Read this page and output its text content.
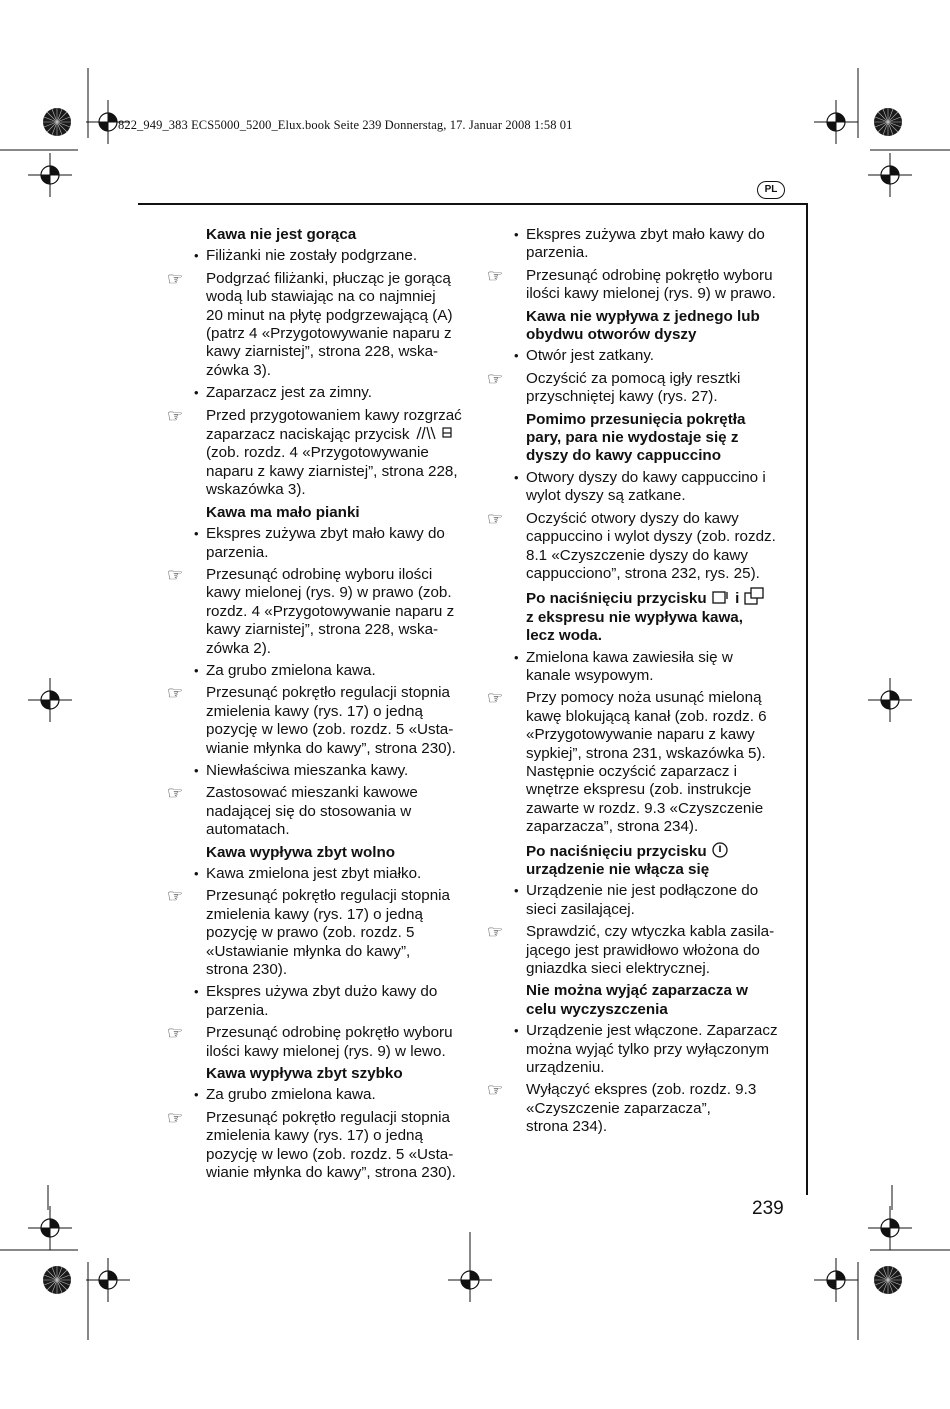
822_949_383 ECS5000_5200_Elux.book Seite 239 Donnerstag, 17. Januar 2008 1:58 01
PL
Kawa nie jest gorąca
Filiżanki nie zostały podgrzane.
☞	Podgrzać filiżanki, płucząc je gorącą
wodą lub stawiając na co najmniej
20 minut na płytę podgrzewającą (A)
(patrz 4 «Przygotowywanie naparu z
kawy ziarnistej”, strona 228, wska-
zówka 3).
Zaparzacz jest za zimny.
☞	Przed przygotowaniem kawy rozgrzać
zaparzacz naciskając przycisk
(zob. rozdz. 4 «Przygotowywanie
naparu z kawy ziarnistej”, strona 228,
wskazówka 3).
Kawa ma mało pianki
Ekspres zużywa zbyt mało kawy do
parzenia.
☞	Przesunąć odrobinę wyboru ilości
kawy mielonej (rys. 9) w prawo (zob.
rozdz. 4 «Przygotowywanie naparu z
kawy ziarnistej”, strona 228, wska-
zówka 2).
Za grubo zmielona kawa.
☞	Przesunąć pokrętło regulacji stopnia
zmielenia kawy (rys. 17) o jedną
pozycję w lewo (zob. rozdz. 5 «Usta-
wianie młynka do kawy”, strona 230).
Niewłaściwa mieszanka kawy.
☞	Zastosować mieszanki kawowe
nadającej się do stosowania w
automatach.
Kawa wypływa zbyt wolno
Kawa zmielona jest zbyt miałko.
☞	Przesunąć pokrętło regulacji stopnia
zmielenia kawy (rys. 17) o jedną
pozycję w prawo (zob. rozdz. 5
«Ustawianie młynka do kawy”,
strona 230).
Ekspres używa zbyt dużo kawy do
parzenia.
☞	Przesunąć odrobinę pokrętło wyboru
ilości kawy mielonej (rys. 9) w lewo.
Kawa wypływa zbyt szybko
Za grubo zmielona kawa.
☞	Przesunąć pokrętło regulacji stopnia
zmielenia kawy (rys. 17) o jedną
pozycję w lewo (zob. rozdz. 5 «Usta-
wianie młynka do kawy”, strona 230).
Ekspres zużywa zbyt mało kawy do
parzenia.
☞	Przesunąć odrobinę pokrętło wyboru
ilości kawy mielonej (rys. 9) w prawo.
Kawa nie wypływa z jednego lub
obydwu otworów dyszy
Otwór jest zatkany.
☞	Oczyścić za pomocą igły resztki
przyschniętej kawy (rys. 27).
Pomimo przesunięcia pokrętła
pary, para nie wydostaje się z
dyszy do kawy cappuccino
Otwory dyszy do kawy cappuccino i
wylot dyszy są zatkane.
☞	Oczyścić otwory dyszy do kawy
cappuccino i wylot dyszy (zob. rozdz.
8.1 «Czyszczenie dyszy do kawy
cappucciono”, strona 232, rys. 25).
Po naciśnięciu przycisku i
z ekspresu nie wypływa kawa,
lecz woda.
Zmielona kawa zawiesiła się w
kanale wsypowym.
☞	Przy pomocy noża usunąć mieloną
kawę blokującą kanał (zob. rozdz. 6
«Przygotowywanie naparu z kawy
sypkiej”, strona 231, wskazówka 5).
Następnie oczyścić zaparzacz i
wnętrze ekspresu (zob. instrukcje
zawarte w rozdz. 9.3 «Czyszczenie
zaparzacza”, strona 234).
Po naciśnięciu przycisku
urządzenie nie włącza się
Urządzenie nie jest podłączone do
sieci zasilającej.
☞	Sprawdzić, czy wtyczka kabla zasila-
jącego jest prawidłowo włożona do
gniazdka sieci elektrycznej.
Nie można wyjąć zaparzacza w
celu wyczyszczenia
Urządzenie jest włączone. Zaparzacz
można wyjąć tylko przy wyłączonym
urządzeniu.
☞	Wyłączyć ekspres (zob. rozdz. 9.3
«Czyszczenie zaparzacza”,
strona 234).
239
